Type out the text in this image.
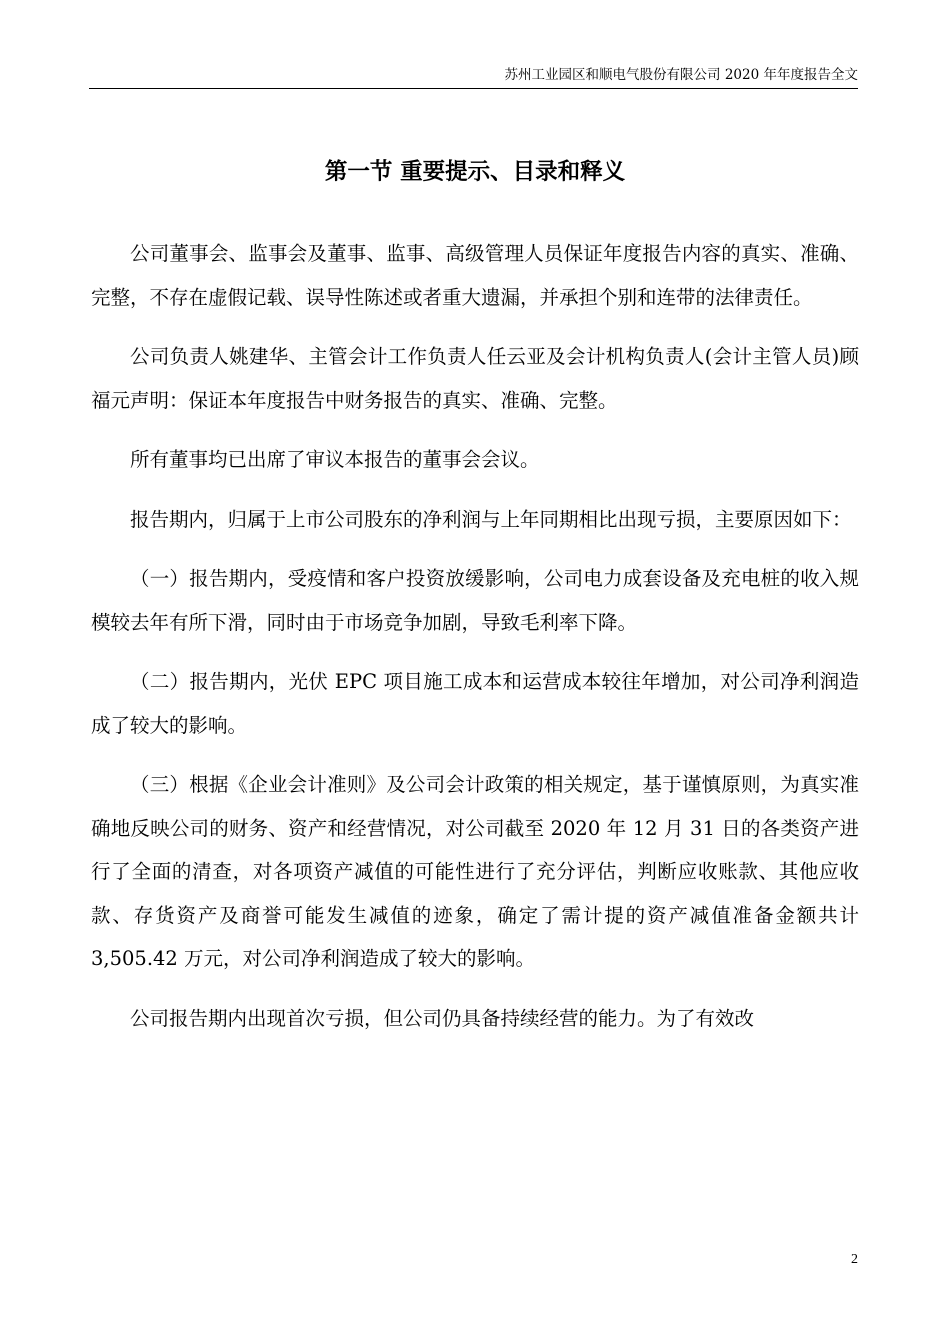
苏州工业园区和顺电气股份有限公司 2020 年年度报告全文
第一节 重要提示、目录和释义

公司董事会、监事会及董事、监事、高级管理人员保证年度报告内容的真实、准确、完整，不存在虚假记载、误导性陈述或者重大遗漏，并承担个别和连带的法律责任。

公司负责人姚建华、主管会计工作负责人任云亚及会计机构负责人(会计主管人员)顾福元声明：保证本年度报告中财务报告的真实、准确、完整。

所有董事均已出席了审议本报告的董事会会议。

报告期内，归属于上市公司股东的净利润与上年同期相比出现亏损，主要原因如下：

（一）报告期内，受疫情和客户投资放缓影响，公司电力成套设备及充电桩的收入规模较去年有所下滑，同时由于市场竞争加剧，导致毛利率下降。

（二）报告期内，光伏 EPC 项目施工成本和运营成本较往年增加，对公司净利润造成了较大的影响。

（三）根据《企业会计准则》及公司会计政策的相关规定，基于谨慎原则，为真实准确地反映公司的财务、资产和经营情况，对公司截至 2020 年 12 月 31 日的各类资产进行了全面的清查，对各项资产减值的可能性进行了充分评估，判断应收账款、其他应收款、存货资产及商誉可能发生减值的迹象，确定了需计提的资产减值准备金额共计 3,505.42 万元，对公司净利润造成了较大的影响。

公司报告期内出现首次亏损，但公司仍具备持续经营的能力。为了有效改

2
